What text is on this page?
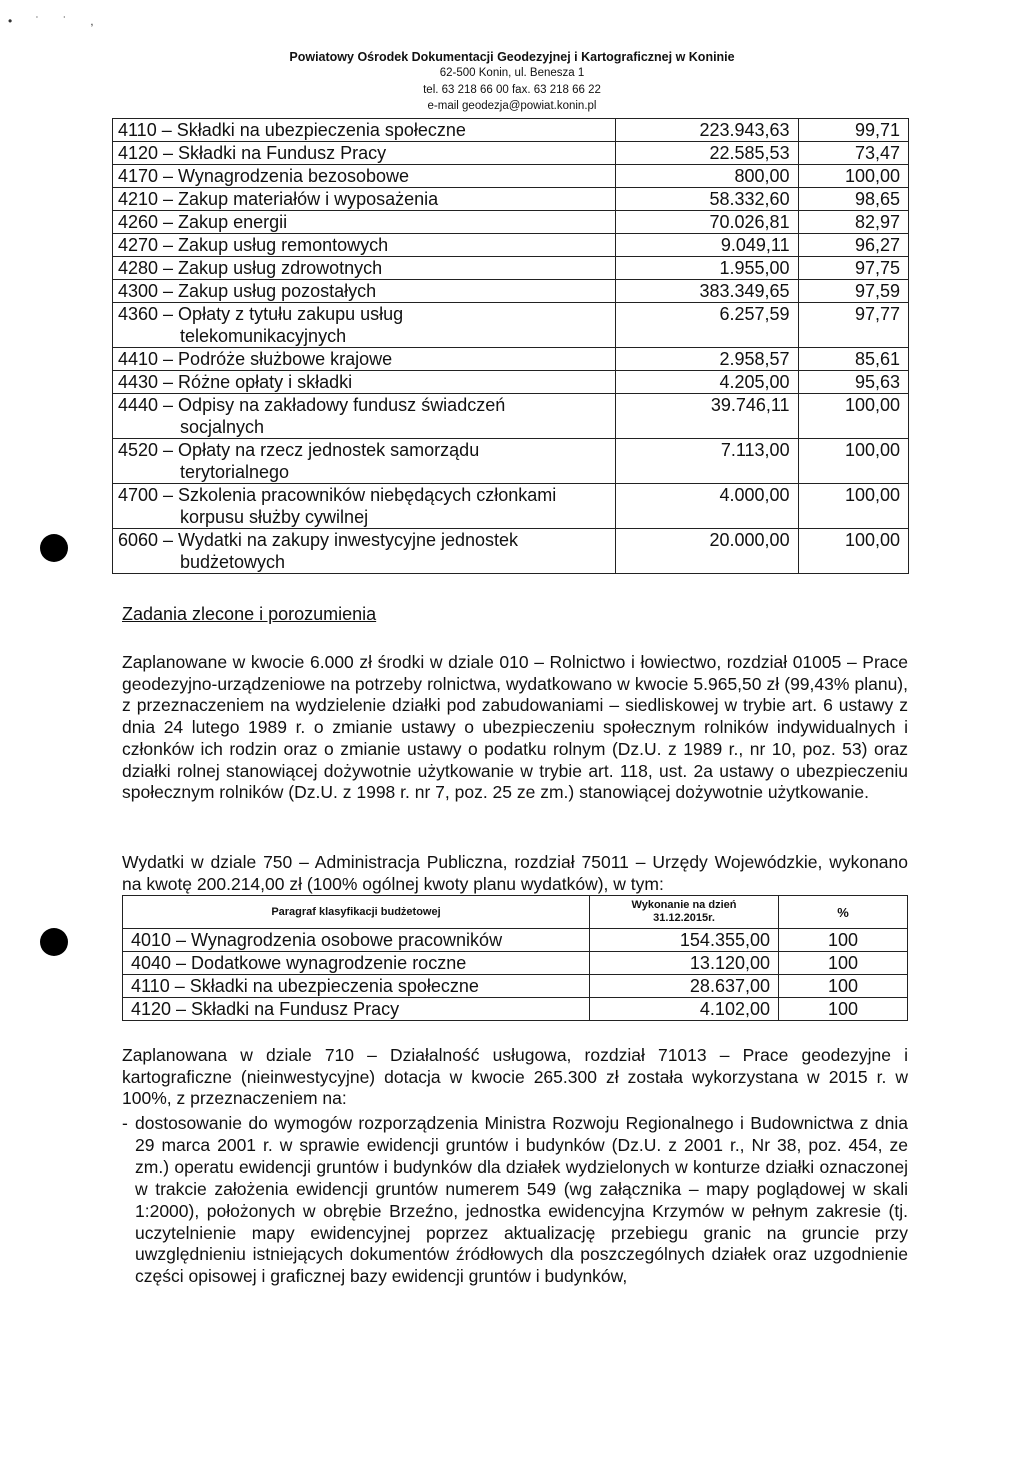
• ˙ ˙ ,
Powiatowy Ośrodek Dokumentacji Geodezyjnej i Kartograficznej w Koninie
62-500 Konin, ul. Benesza 1
tel. 63 218 66 00 fax. 63 218 66 22
e-mail geodezja@powiat.konin.pl
4110 – Składki na ubezpieczenia społeczne	223.943,63	99,71
4120 – Składki na Fundusz Pracy	22.585,53	73,47
4170 – Wynagrodzenia bezosobowe	800,00	100,00
4210 – Zakup materiałów i wyposażenia	58.332,60	98,65
4260 – Zakup energii	70.026,81	82,97
4270 – Zakup usług remontowych	9.049,11	96,27
4280 – Zakup usług zdrowotnych	1.955,00	97,75
4300 – Zakup usług pozostałych	383.349,65	97,59
4360 – Opłaty z tytułu zakupu usług
telekomunikacyjnych	6.257,59	97,77
4410 – Podróże służbowe krajowe	2.958,57	85,61
4430 – Różne opłaty i składki	4.205,00	95,63
4440 – Odpisy na zakładowy fundusz świadczeń
socjalnych	39.746,11	100,00
4520 – Opłaty na rzecz jednostek samorządu
terytorialnego	7.113,00	100,00
4700 – Szkolenia pracowników niebędących członkami
korpusu służby cywilnej	4.000,00	100,00
6060 – Wydatki na zakupy inwestycyjne jednostek
budżetowych	20.000,00	100,00
Zadania zlecone i porozumienia
Zaplanowane w kwocie 6.000 zł środki w dziale 010 – Rolnictwo i łowiectwo, rozdział 01005 – Prace geodezyjno-urządzeniowe na potrzeby rolnictwa, wydatkowano w kwocie 5.965,50 zł (99,43% planu), z przeznaczeniem na wydzielenie działki pod zabudowaniami – siedliskowej w trybie art. 6 ustawy z dnia 24 lutego 1989 r. o zmianie ustawy o ubezpieczeniu społecznym rolników indywidualnych i członków ich rodzin oraz o zmianie ustawy o podatku rolnym (Dz.U. z 1989 r., nr 10, poz. 53) oraz działki rolnej stanowiącej dożywotnie użytkowanie w trybie art. 118, ust. 2a ustawy o ubezpieczeniu społecznym rolników (Dz.U. z 1998 r. nr 7, poz. 25 ze zm.) stanowiącej dożywotnie użytkowanie.
Wydatki w dziale 750 – Administracja Publiczna, rozdział 75011 – Urzędy Wojewódzkie, wykonano na kwotę 200.214,00 zł (100% ogólnej kwoty planu wydatków), w tym:
Paragraf klasyfikacji budżetowej	Wykonanie na dzień
31.12.2015r.	%
4010 – Wynagrodzenia osobowe pracowników	154.355,00	100
4040 – Dodatkowe wynagrodzenie roczne	13.120,00	100
4110 – Składki na ubezpieczenia społeczne	28.637,00	100
4120 – Składki na Fundusz Pracy	4.102,00	100
Zaplanowana w dziale 710 – Działalność usługowa, rozdział 71013 – Prace geodezyjne i kartograficzne (nieinwestycyjne) dotacja w kwocie 265.300 zł została wykorzystana w 2015 r. w 100%, z przeznaczeniem na:
- dostosowanie do wymogów rozporządzenia Ministra Rozwoju Regionalnego i Budownictwa z dnia 29 marca 2001 r. w sprawie ewidencji gruntów i budynków (Dz.U. z 2001 r., Nr 38, poz. 454, ze zm.) operatu ewidencji gruntów i budynków dla działek wydzielonych w konturze działki oznaczonej w trakcie założenia ewidencji gruntów numerem 549 (wg załącznika – mapy poglądowej w skali 1:2000), położonych w obrębie Brzeźno, jednostka ewidencyjna Krzymów w pełnym zakresie (tj. uczytelnienie mapy ewidencyjnej poprzez aktualizację przebiegu granic na gruncie przy uwzględnieniu istniejących dokumentów źródłowych dla poszczególnych działek oraz uzgodnienie części opisowej i graficznej bazy ewidencji gruntów i budynków,
